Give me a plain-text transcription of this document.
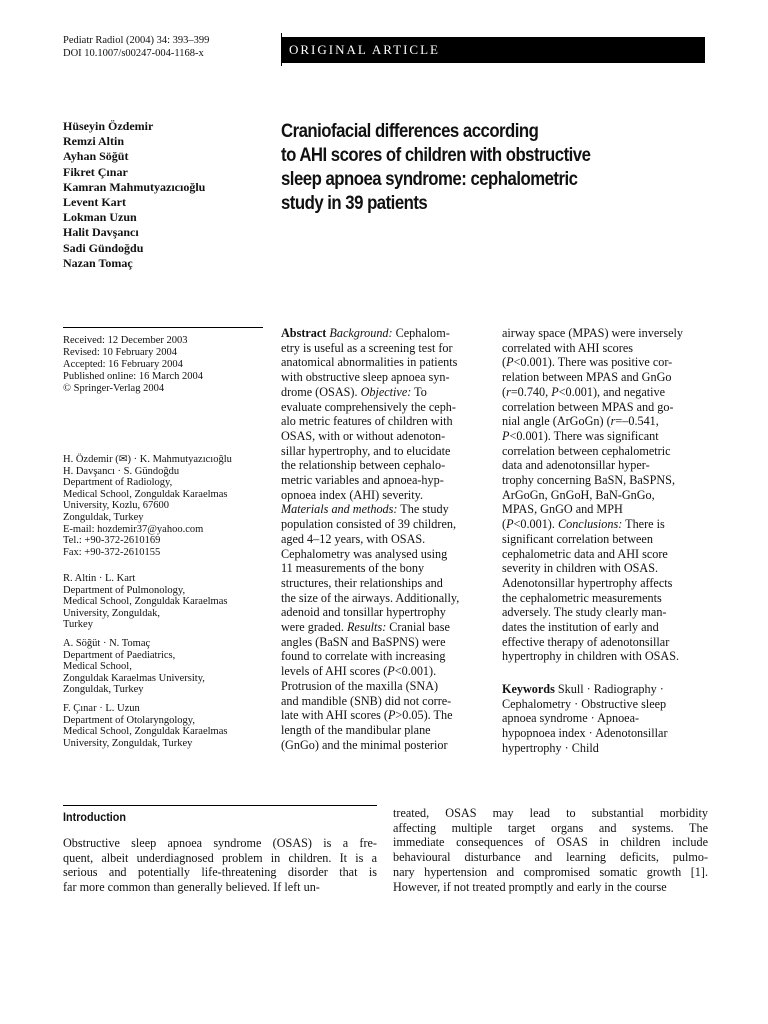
Pediatr Radiol (2004) 34: 393–399
DOI 10.1007/s00247-004-1168-x	ORIGINAL ARTICLE
Hüseyin Özdemir
Remzi Altin
Ayhan Söğüt
Fikret Çınar
Kamran Mahmutyazıcıoğlu
Levent Kart
Lokman Uzun
Halit Davşancı
Sadi Gündoğdu
Nazan Tomaç
Craniofacial differences according
to AHI scores of children with obstructive
sleep apnoea syndrome: cephalometric
study in 39 patients
Received: 12 December 2003
Revised: 10 February 2004
Accepted: 16 February 2004
Published online: 16 March 2004
© Springer-Verlag 2004
H. Özdemir (✉) · K. Mahmutyazıcıoğlu
H. Davşancı · S. Gündoğdu
Department of Radiology,
Medical School, Zonguldak Karaelmas
University, Kozlu, 67600
Zonguldak, Turkey
E-mail: hozdemir37@yahoo.com
Tel.: +90-372-2610169
Fax: +90-372-2610155
R. Altin · L. Kart
Department of Pulmonology,
Medical School, Zonguldak Karaelmas
University, Zonguldak,
Turkey
A. Söğüt · N. Tomaç
Department of Paediatrics,
Medical School,
Zonguldak Karaelmas University,
Zonguldak, Turkey
F. Çınar · L. Uzun
Department of Otolaryngology,
Medical School, Zonguldak Karaelmas
University, Zonguldak, Turkey
Abstract Background: Cephalom-
etry is useful as a screening test for
anatomical abnormalities in patients
with obstructive sleep apnoea syn-
drome (OSAS). Objective: To
evaluate comprehensively the ceph-
alo metric features of children with
OSAS, with or without adenoton-
sillar hypertrophy, and to elucidate
the relationship between cephalo-
metric variables and apnoea-hyp-
opnoea index (AHI) severity.
Materials and methods: The study
population consisted of 39 children,
aged 4–12 years, with OSAS.
Cephalometry was analysed using
11 measurements of the bony
structures, their relationships and
the size of the airways. Additionally,
adenoid and tonsillar hypertrophy
were graded. Results: Cranial base
angles (BaSN and BaSPNS) were
found to correlate with increasing
levels of AHI scores (P<0.001).
Protrusion of the maxilla (SNA)
and mandible (SNB) did not corre-
late with AHI scores (P>0.05). The
length of the mandibular plane
(GnGo) and the minimal posterior
airway space (MPAS) were inversely
correlated with AHI scores
(P<0.001). There was positive cor-
relation between MPAS and GnGo
(r=0.740, P<0.001), and negative
correlation between MPAS and go-
nial angle (ArGoGn) (r=–0.541,
P<0.001). There was significant
correlation between cephalometric
data and adenotonsillar hyper-
trophy concerning BaSN, BaSPNS,
ArGoGn, GnGoH, BaN-GnGo,
MPAS, GnGO and MPH
(P<0.001). Conclusions: There is
significant correlation between
cephalometric data and AHI score
severity in children with OSAS.
Adenotonsillar hypertrophy affects
the cephalometric measurements
adversely. The study clearly man-
dates the institution of early and
effective therapy of adenotonsillar
hypertrophy in children with OSAS.
Keywords Skull · Radiography ·
Cephalometry · Obstructive sleep
apnoea syndrome · Apnoea-
hypopnoea index · Adenotonsillar
hypertrophy · Child
Introduction
Obstructive sleep apnoea syndrome (OSAS) is a fre-
quent, albeit underdiagnosed problem in children. It is a
serious and potentially life-threatening disorder that is
far more common than generally believed. If left un-
treated, OSAS may lead to substantial morbidity
affecting multiple target organs and systems. The
immediate consequences of OSAS in children include
behavioural disturbance and learning deficits, pulmo-
nary hypertension and compromised somatic growth [1].
However, if not treated promptly and early in the course
